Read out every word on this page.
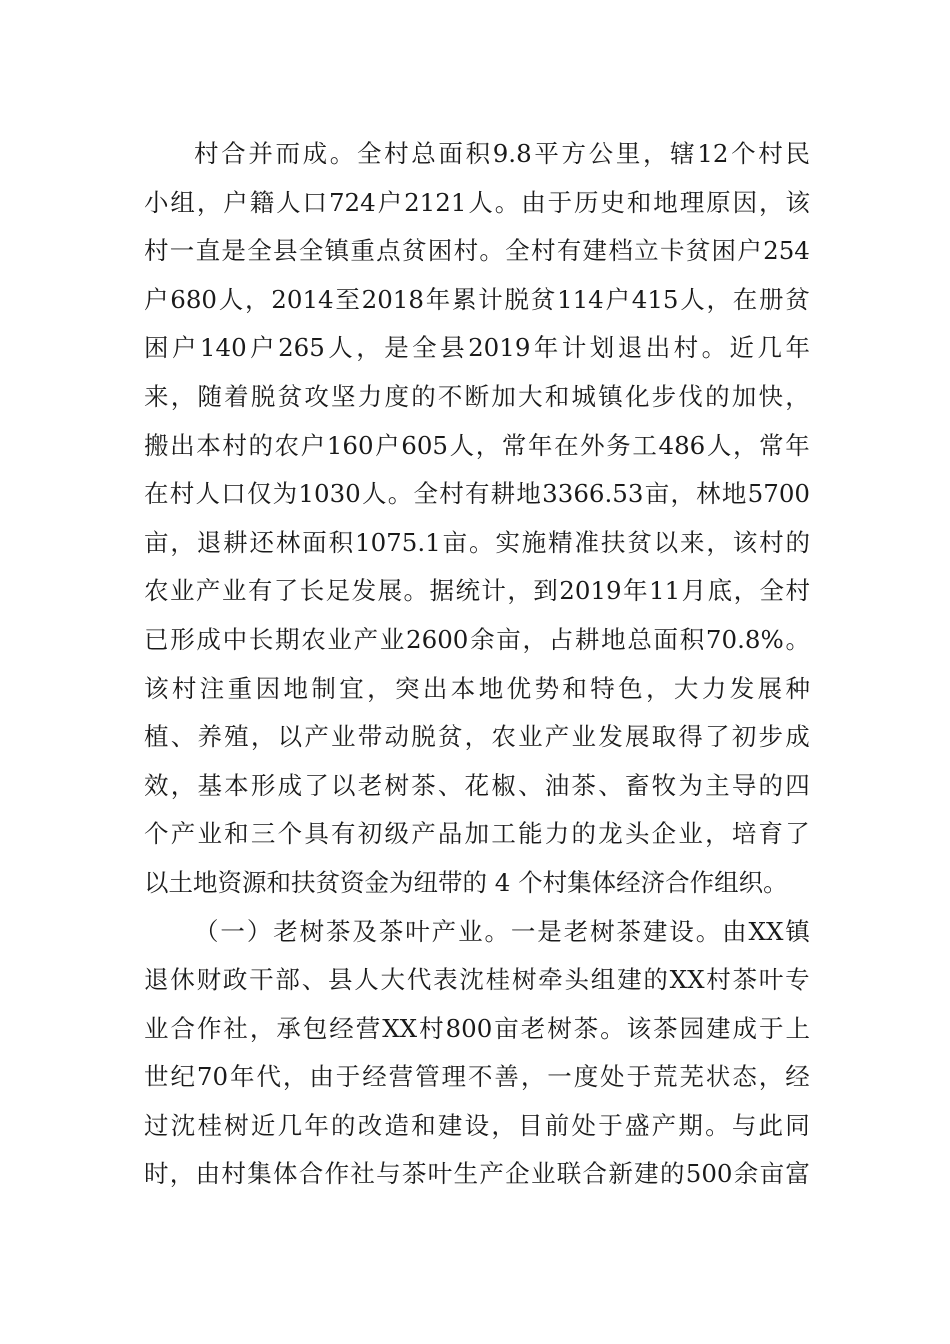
村 合 并 而 成 。 全 村 总 面 积 9.8 平 方 公 里 ， 辖 12 个 村 民
小 组 ， 户 籍 人 口 724 户 2121 人 。 由 于 历 史 和 地 理 原 因 ， 该
村 一 直 是 全 县 全 镇 重 点 贫 困 村 。 全 村 有 建 档 立 卡 贫 困 户 254
户 680 人 ， 2014 至 2018 年 累 计 脱 贫 114 户 415 人 ， 在 册 贫
困 户 140 户 265 人 ， 是 全 县 2019 年 计 划 退 出 村 。 近 几 年
来 ， 随 着 脱 贫 攻 坚 力 度 的 不 断 加 大 和 城 镇 化 步 伐 的 加 快 ，
搬 出 本 村 的 农 户 160 户 605 人 ， 常 年 在 外 务 工 486 人 ， 常 年
在 村 人 口 仅 为 1030 人 。 全 村 有 耕 地 3366.53 亩 ， 林 地 5700
亩 ， 退 耕 还 林 面 积 1075.1 亩 。 实 施 精 准 扶 贫 以 来 ， 该 村 的
农 业 产 业 有 了 长 足 发 展 。 据 统 计 ， 到 2019 年 11 月 底 ， 全 村
已 形 成 中 长 期 农 业 产 业 2600 余 亩 ， 占 耕 地 总 面 积 70.8% 。
该 村 注 重 因 地 制 宜 ， 突 出 本 地 优 势 和 特 色 ， 大 力 发 展 种
植 、 养 殖 ， 以 产 业 带 动 脱 贫 ， 农 业 产 业 发 展 取 得 了 初 步 成
效 ， 基 本 形 成 了 以 老 树 茶 、 花 椒 、 油 茶 、 畜 牧 为 主 导 的 四
个 产 业 和 三 个 具 有 初 级 产 品 加 工 能 力 的 龙 头 企 业 ， 培 育 了
以土地资源和扶贫资金为纽带的 4 个村集体经济合作组织。
（ 一 ） 老 树 茶 及 茶 叶 产 业 。 一 是 老 树 茶 建 设 。 由 XX 镇
退 休 财 政 干 部 、 县 人 大 代 表 沈 桂 树 牵 头 组 建 的 XX 村 茶 叶 专
业 合 作 社 ， 承 包 经 营 XX 村 800 亩 老 树 茶 。 该 茶 园 建 成 于 上
世 纪 70 年 代 ， 由 于 经 营 管 理 不 善 ， 一 度 处 于 荒 芜 状 态 ， 经
过 沈 桂 树 近 几 年 的 改 造 和 建 设 ， 目 前 处 于 盛 产 期 。 与 此 同
时 ， 由 村 集 体 合 作 社 与 茶 叶 生 产 企 业 联 合 新 建 的 500 余 亩 富
